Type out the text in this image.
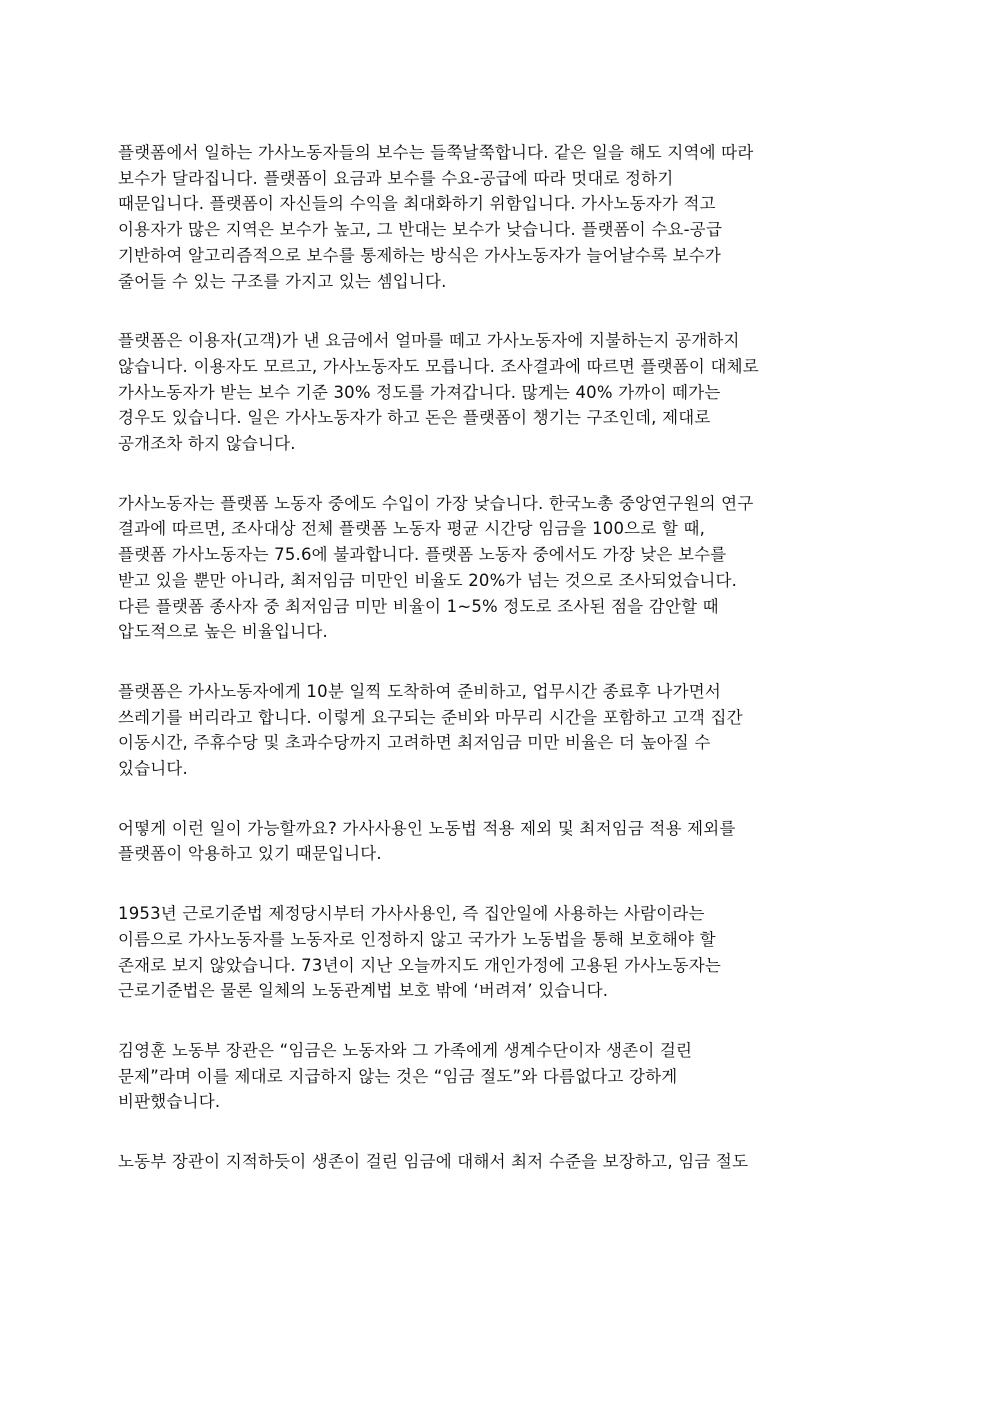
플랫폼에서 일하는 가사노동자들의 보수는 들쭉날쭉합니다. 같은 일을 해도 지역에 따라
보수가 달라집니다. 플랫폼이 요금과 보수를 수요-공급에 따라 멋대로 정하기
때문입니다. 플랫폼이 자신들의 수익을 최대화하기 위함입니다. 가사노동자가 적고
이용자가 많은 지역은 보수가 높고, 그 반대는 보수가 낮습니다. 플랫폼이 수요-공급
기반하여 알고리즘적으로 보수를 통제하는 방식은 가사노동자가 늘어날수록 보수가
줄어들 수 있는 구조를 가지고 있는 셈입니다.

플랫폼은 이용자(고객)가 낸 요금에서 얼마를 떼고 가사노동자에 지불하는지 공개하지
않습니다. 이용자도 모르고, 가사노동자도 모릅니다. 조사결과에 따르면 플랫폼이 대체로
가사노동자가 받는 보수 기준 30% 정도를 가져갑니다. 많게는 40% 가까이 떼가는
경우도 있습니다. 일은 가사노동자가 하고 돈은 플랫폼이 챙기는 구조인데, 제대로
공개조차 하지 않습니다.

가사노동자는 플랫폼 노동자 중에도 수입이 가장 낮습니다. 한국노총 중앙연구원의 연구
결과에 따르면, 조사대상 전체 플랫폼 노동자 평균 시간당 임금을 100으로 할 때,
플랫폼 가사노동자는 75.6에 불과합니다. 플랫폼 노동자 중에서도 가장 낮은 보수를
받고 있을 뿐만 아니라, 최저임금 미만인 비율도 20%가 넘는 것으로 조사되었습니다.
다른 플랫폼 종사자 중 최저임금 미만 비율이 1~5% 정도로 조사된 점을 감안할 때
압도적으로 높은 비율입니다.

플랫폼은 가사노동자에게 10분 일찍 도착하여 준비하고, 업무시간 종료후 나가면서
쓰레기를 버리라고 합니다. 이렇게 요구되는 준비와 마무리 시간을 포함하고 고객 집간
이동시간, 주휴수당 및 초과수당까지 고려하면 최저임금 미만 비율은 더 높아질 수
있습니다.

어떻게 이런 일이 가능할까요? 가사사용인 노동법 적용 제외 및 최저임금 적용 제외를
플랫폼이 악용하고 있기 때문입니다.

1953년 근로기준법 제정당시부터 가사사용인, 즉 집안일에 사용하는 사람이라는
이름으로 가사노동자를 노동자로 인정하지 않고 국가가 노동법을 통해 보호해야 할
존재로 보지 않았습니다. 73년이 지난 오늘까지도 개인가정에 고용된 가사노동자는
근로기준법은 물론 일체의 노동관계법 보호 밖에 ‘버려져’ 있습니다.

김영훈 노동부 장관은 “임금은 노동자와 그 가족에게 생계수단이자 생존이 걸린
문제”라며 이를 제대로 지급하지 않는 것은 “임금 절도”와 다름없다고 강하게
비판했습니다.

노동부 장관이 지적하듯이 생존이 걸린 임금에 대해서 최저 수준을 보장하고, 임금 절도
